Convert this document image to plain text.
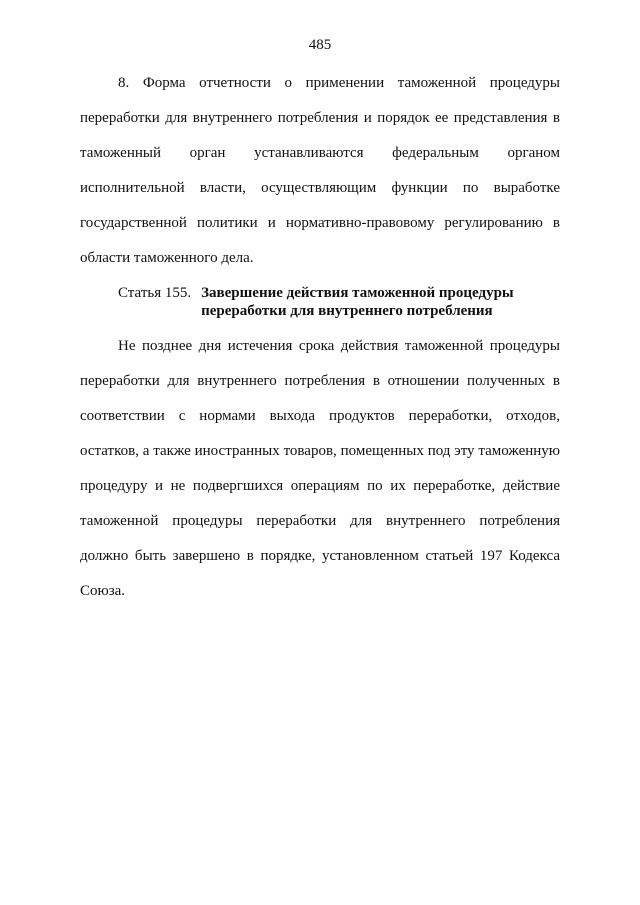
485

8. Форма отчетности о применении таможенной процедуры переработки для внутреннего потребления и порядок ее представления в таможенный орган устанавливаются федеральным органом исполнительной власти, осуществляющим функции по выработке государственной политики и нормативно-правовому регулированию в области таможенного дела.

Статья 155. Завершение действия таможенной процедуры переработки для внутреннего потребления

Не позднее дня истечения срока действия таможенной процедуры переработки для внутреннего потребления в отношении полученных в соответствии с нормами выхода продуктов переработки, отходов, остатков, а также иностранных товаров, помещенных под эту таможенную процедуру и не подвергшихся операциям по их переработке, действие таможенной процедуры переработки для внутреннего потребления должно быть завершено в порядке, установленном статьей 197 Кодекса Союза.
